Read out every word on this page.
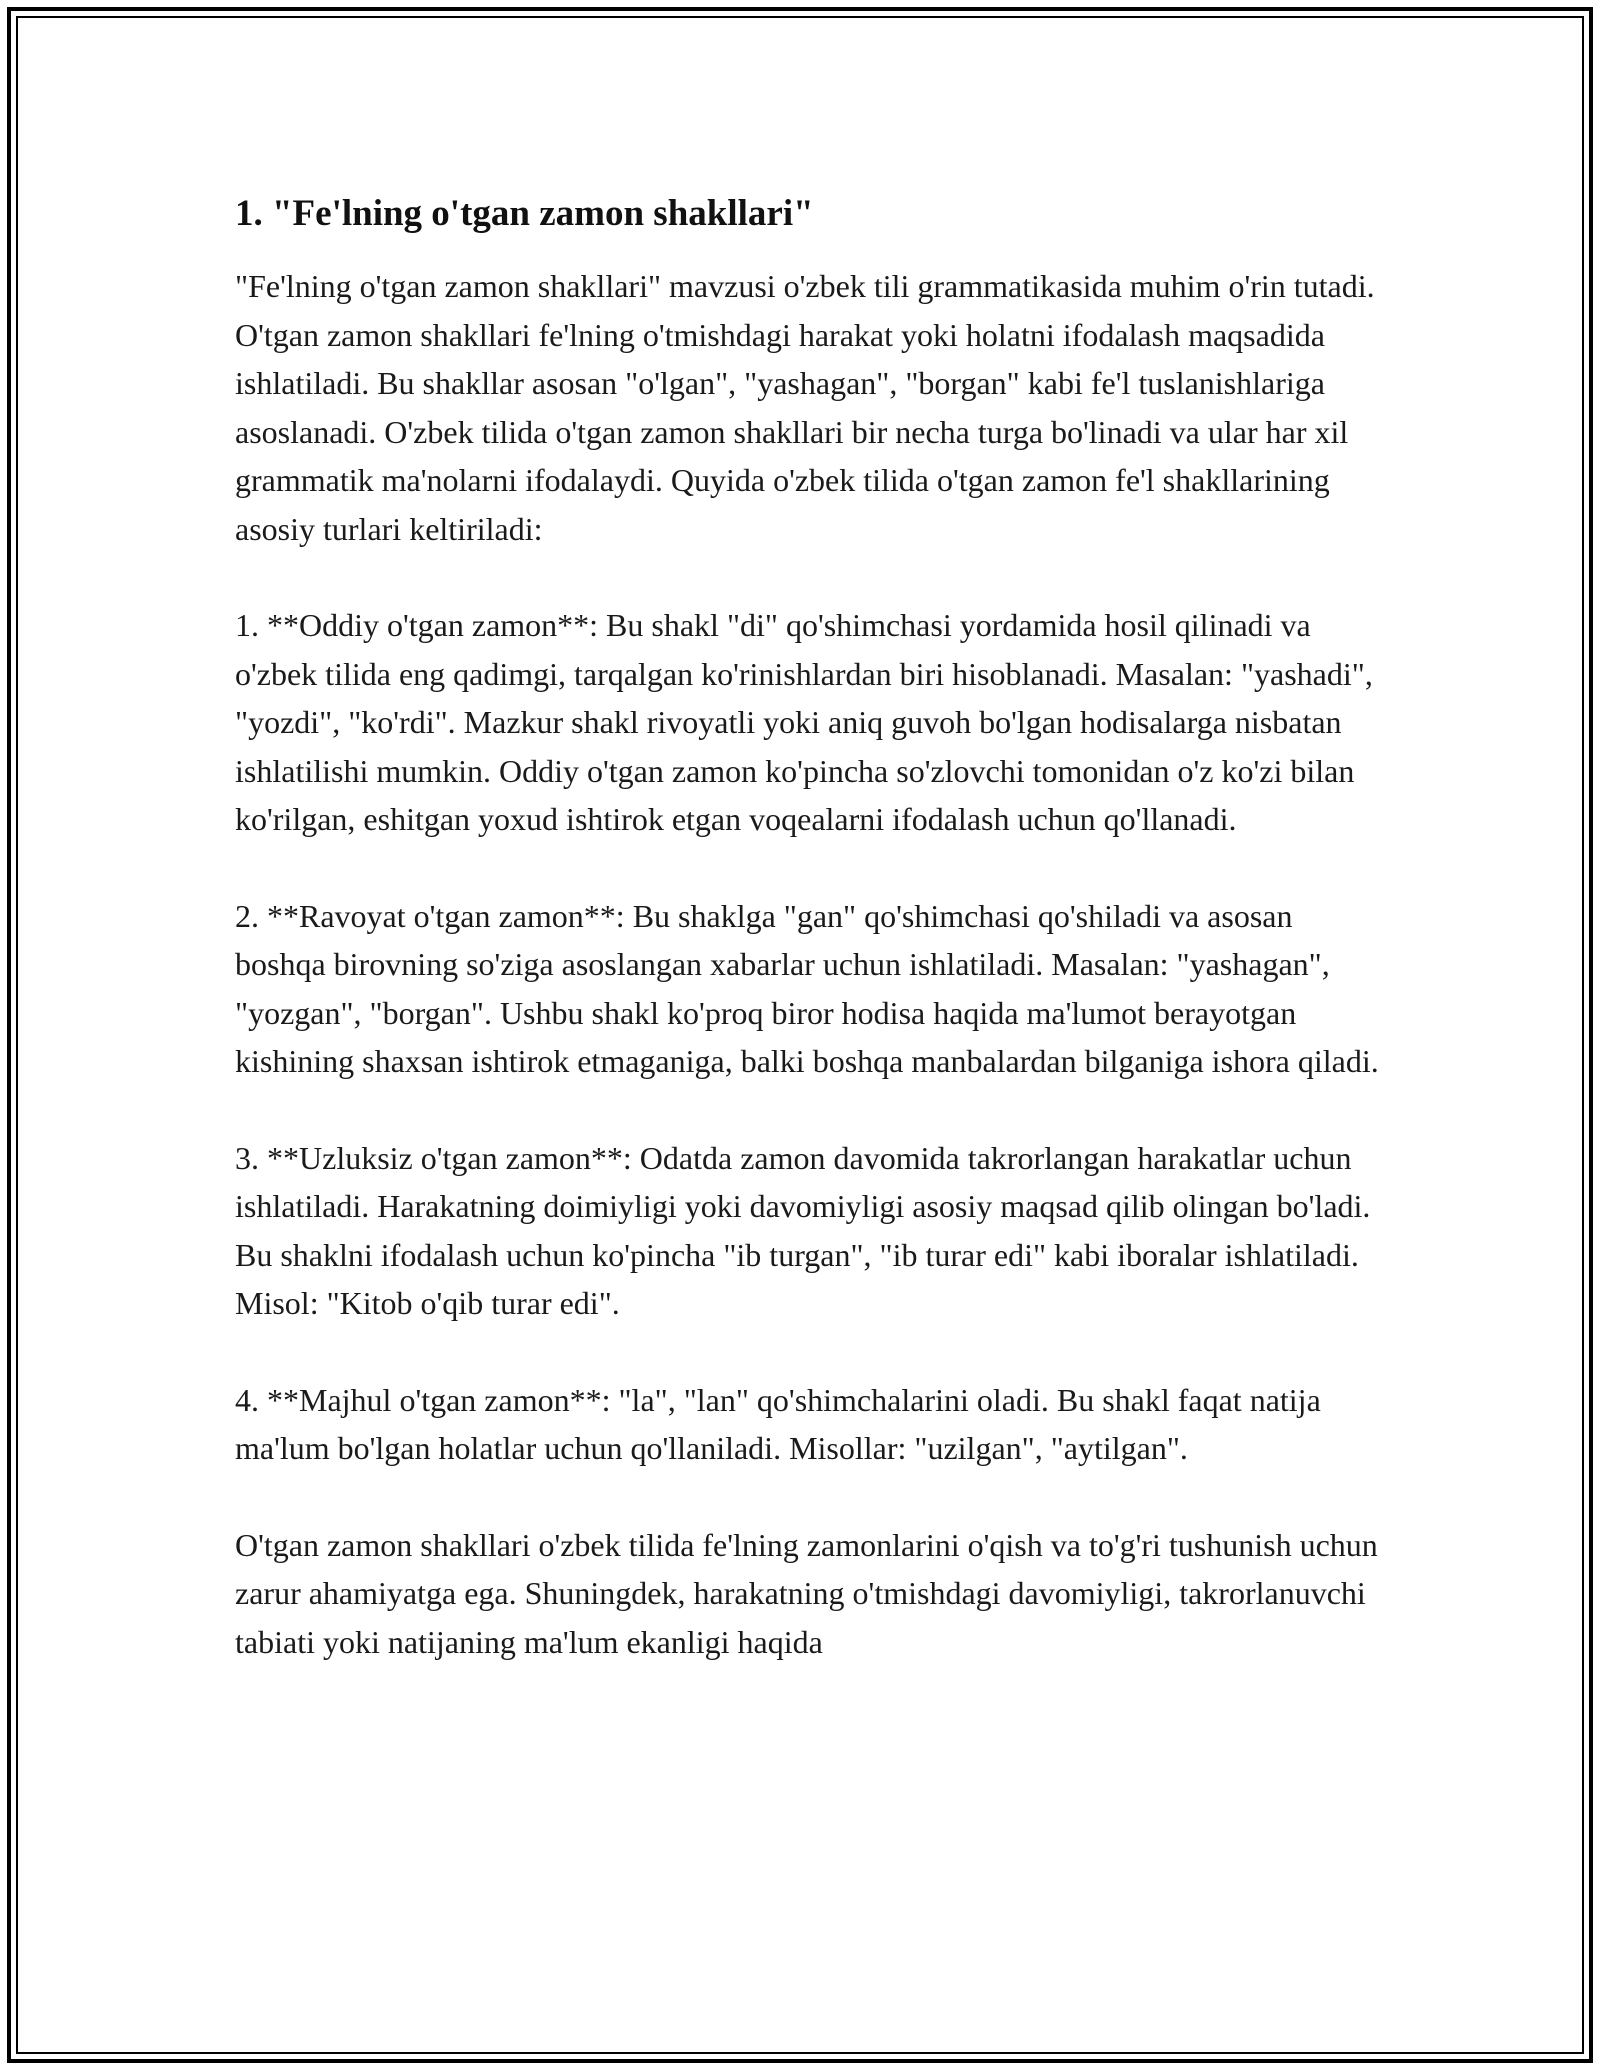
1. "Fe'lning o'tgan zamon shakllari"

"Fe'lning o'tgan zamon shakllari" mavzusi o'zbek tili grammatikasida muhim o'rin tutadi. O'tgan zamon shakllari fe'lning o'tmishdagi harakat yoki holatni ifodalash maqsadida ishlatiladi. Bu shakllar asosan "o'lgan", "yashagan", "borgan" kabi fe'l tuslanishlariga asoslanadi. O'zbek tilida o'tgan zamon shakllari bir necha turga bo'linadi va ular har xil grammatik ma'nolarni ifodalaydi. Quyida o'zbek tilida o'tgan zamon fe'l shakllarining asosiy turlari keltiriladi:

1. **Oddiy o'tgan zamon**: Bu shakl "di" qo'shimchasi yordamida hosil qilinadi va o'zbek tilida eng qadimgi, tarqalgan ko'rinishlardan biri hisoblanadi. Masalan: "yashadi", "yozdi", "ko'rdi". Mazkur shakl rivoyatli yoki aniq guvoh bo'lgan hodisalarga nisbatan ishlatilishi mumkin. Oddiy o'tgan zamon ko'pincha so'zlovchi tomonidan o'z ko'zi bilan ko'rilgan, eshitgan yoxud ishtirok etgan voqealarni ifodalash uchun qo'llanadi.

2. **Ravoyat o'tgan zamon**: Bu shaklga "gan" qo'shimchasi qo'shiladi va asosan boshqa birovning so'ziga asoslangan xabarlar uchun ishlatiladi. Masalan: "yashagan", "yozgan", "borgan". Ushbu shakl ko'proq biror hodisa haqida ma'lumot berayotgan kishining shaxsan ishtirok etmaganiga, balki boshqa manbalardan bilganiga ishora qiladi.

3. **Uzluksiz o'tgan zamon**: Odatda zamon davomida takrorlangan harakatlar uchun ishlatiladi. Harakatning doimiyligi yoki davomiyligi asosiy maqsad qilib olingan bo'ladi. Bu shaklni ifodalash uchun ko'pincha "ib turgan", "ib turar edi" kabi iboralar ishlatiladi. Misol: "Kitob o'qib turar edi".

4. **Majhul o'tgan zamon**: "la", "lan" qo'shimchalarini oladi. Bu shakl faqat natija ma'lum bo'lgan holatlar uchun qo'llaniladi. Misollar: "uzilgan", "aytilgan".

O'tgan zamon shakllari o'zbek tilida fe'lning zamonlarini o'qish va to'g'ri tushunish uchun zarur ahamiyatga ega. Shuningdek, harakatning o'tmishdagi davomiyligi, takrorlanuvchi tabiati yoki natijaning ma'lum ekanligi haqida
